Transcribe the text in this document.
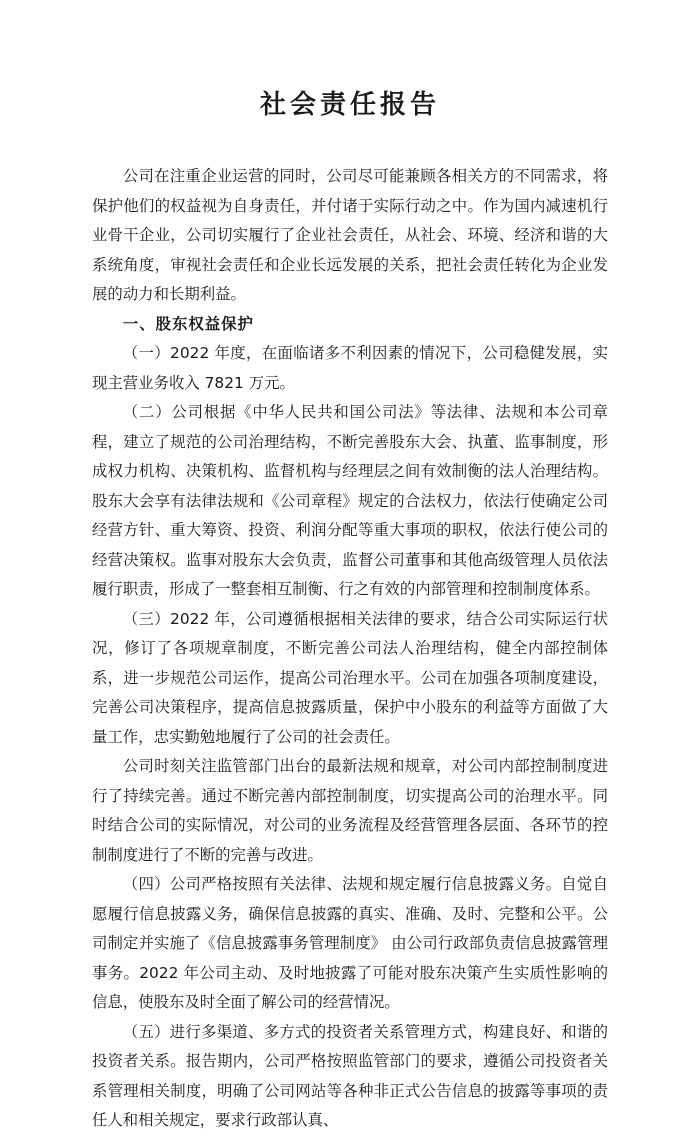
社会责任报告

公司在注重企业运营的同时，公司尽可能兼顾各相关方的不同需求，将保护他们的权益视为自身责任，并付诸于实际行动之中。作为国内减速机行业骨干企业，公司切实履行了企业社会责任，从社会、环境、经济和谐的大系统角度，审视社会责任和企业长远发展的关系，把社会责任转化为企业发展的动力和长期利益。

一、股东权益保护

（一）2022 年度，在面临诸多不利因素的情况下，公司稳健发展，实现主营业务收入 7821 万元。

（二）公司根据《中华人民共和国公司法》等法律、法规和本公司章程，建立了规范的公司治理结构，不断完善股东大会、执董、监事制度，形成权力机构、决策机构、监督机构与经理层之间有效制衡的法人治理结构。股东大会享有法律法规和《公司章程》规定的合法权力，依法行使确定公司经营方针、重大筹资、投资、利润分配等重大事项的职权，依法行使公司的经营决策权。监事对股东大会负责，监督公司董事和其他高级管理人员依法履行职责，形成了一整套相互制衡、行之有效的内部管理和控制制度体系。

（三）2022 年，公司遵循根据相关法律的要求，结合公司实际运行状况，修订了各项规章制度，不断完善公司法人治理结构，健全内部控制体系，进一步规范公司运作，提高公司治理水平。公司在加强各项制度建设，完善公司决策程序，提高信息披露质量，保护中小股东的利益等方面做了大量工作，忠实勤勉地履行了公司的社会责任。

公司时刻关注监管部门出台的最新法规和规章，对公司内部控制制度进行了持续完善。通过不断完善内部控制制度，切实提高公司的治理水平。同时结合公司的实际情况，对公司的业务流程及经营管理各层面、各环节的控制制度进行了不断的完善与改进。

（四）公司严格按照有关法律、法规和规定履行信息披露义务。自觉自愿履行信息披露义务，确保信息披露的真实、准确、及时、完整和公平。公司制定并实施了《信息披露事务管理制度》 由公司行政部负责信息披露管理事务。2022 年公司主动、及时地披露了可能对股东决策产生实质性影响的信息，使股东及时全面了解公司的经营情况。

（五）进行多渠道、多方式的投资者关系管理方式，构建良好、和谐的投资者关系。报告期内，公司严格按照监管部门的要求，遵循公司投资者关系管理相关制度，明确了公司网站等各种非正式公告信息的披露等事项的责任人和相关规定，要求行政部认真、
